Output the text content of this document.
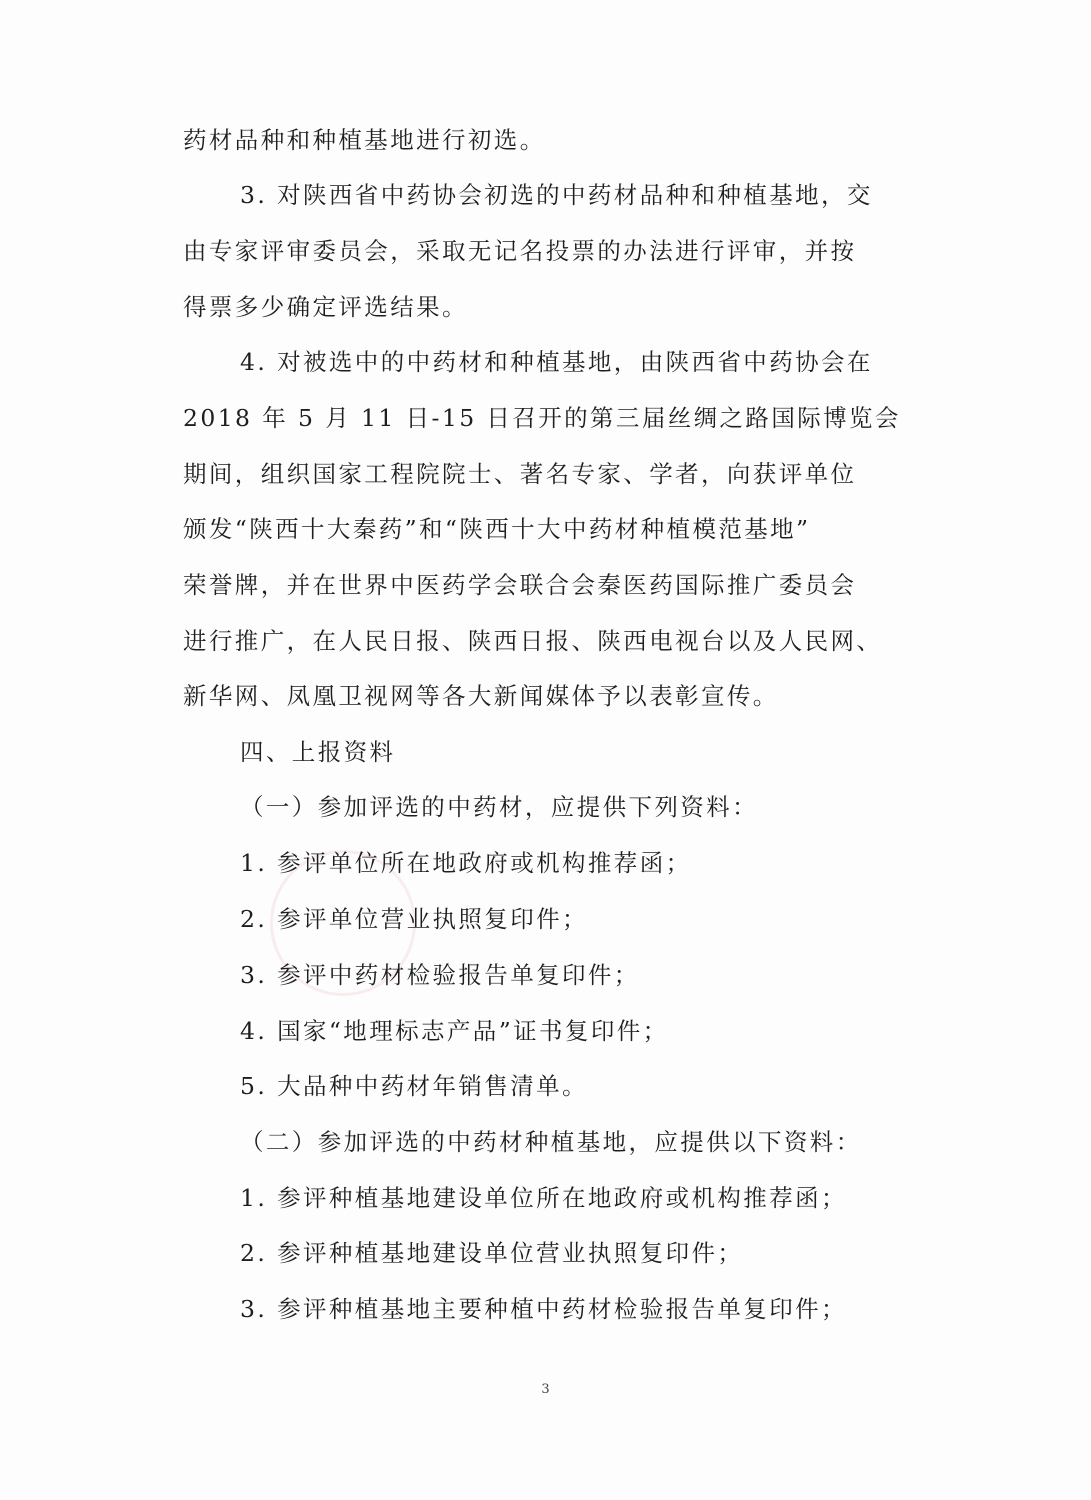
药材品种和种植基地进行初选。
3. 对陕西省中药协会初选的中药材品种和种植基地，交
由专家评审委员会，采取无记名投票的办法进行评审，并按
得票多少确定评选结果。
4. 对被选中的中药材和种植基地，由陕西省中药协会在
2018 年 5 月 11 日-15 日召开的第三届丝绸之路国际博览会
期间，组织国家工程院院士、著名专家、学者，向获评单位
颁发“陕西十大秦药”和“陕西十大中药材种植模范基地”
荣誉牌，并在世界中医药学会联合会秦医药国际推广委员会
进行推广，在人民日报、陕西日报、陕西电视台以及人民网、
新华网、凤凰卫视网等各大新闻媒体予以表彰宣传。
四、上报资料
（一）参加评选的中药材，应提供下列资料：
1. 参评单位所在地政府或机构推荐函；
2. 参评单位营业执照复印件；
3. 参评中药材检验报告单复印件；
4. 国家“地理标志产品”证书复印件；
5. 大品种中药材年销售清单。
（二）参加评选的中药材种植基地，应提供以下资料：
1. 参评种植基地建设单位所在地政府或机构推荐函；
2. 参评种植基地建设单位营业执照复印件；
3. 参评种植基地主要种植中药材检验报告单复印件；
3
